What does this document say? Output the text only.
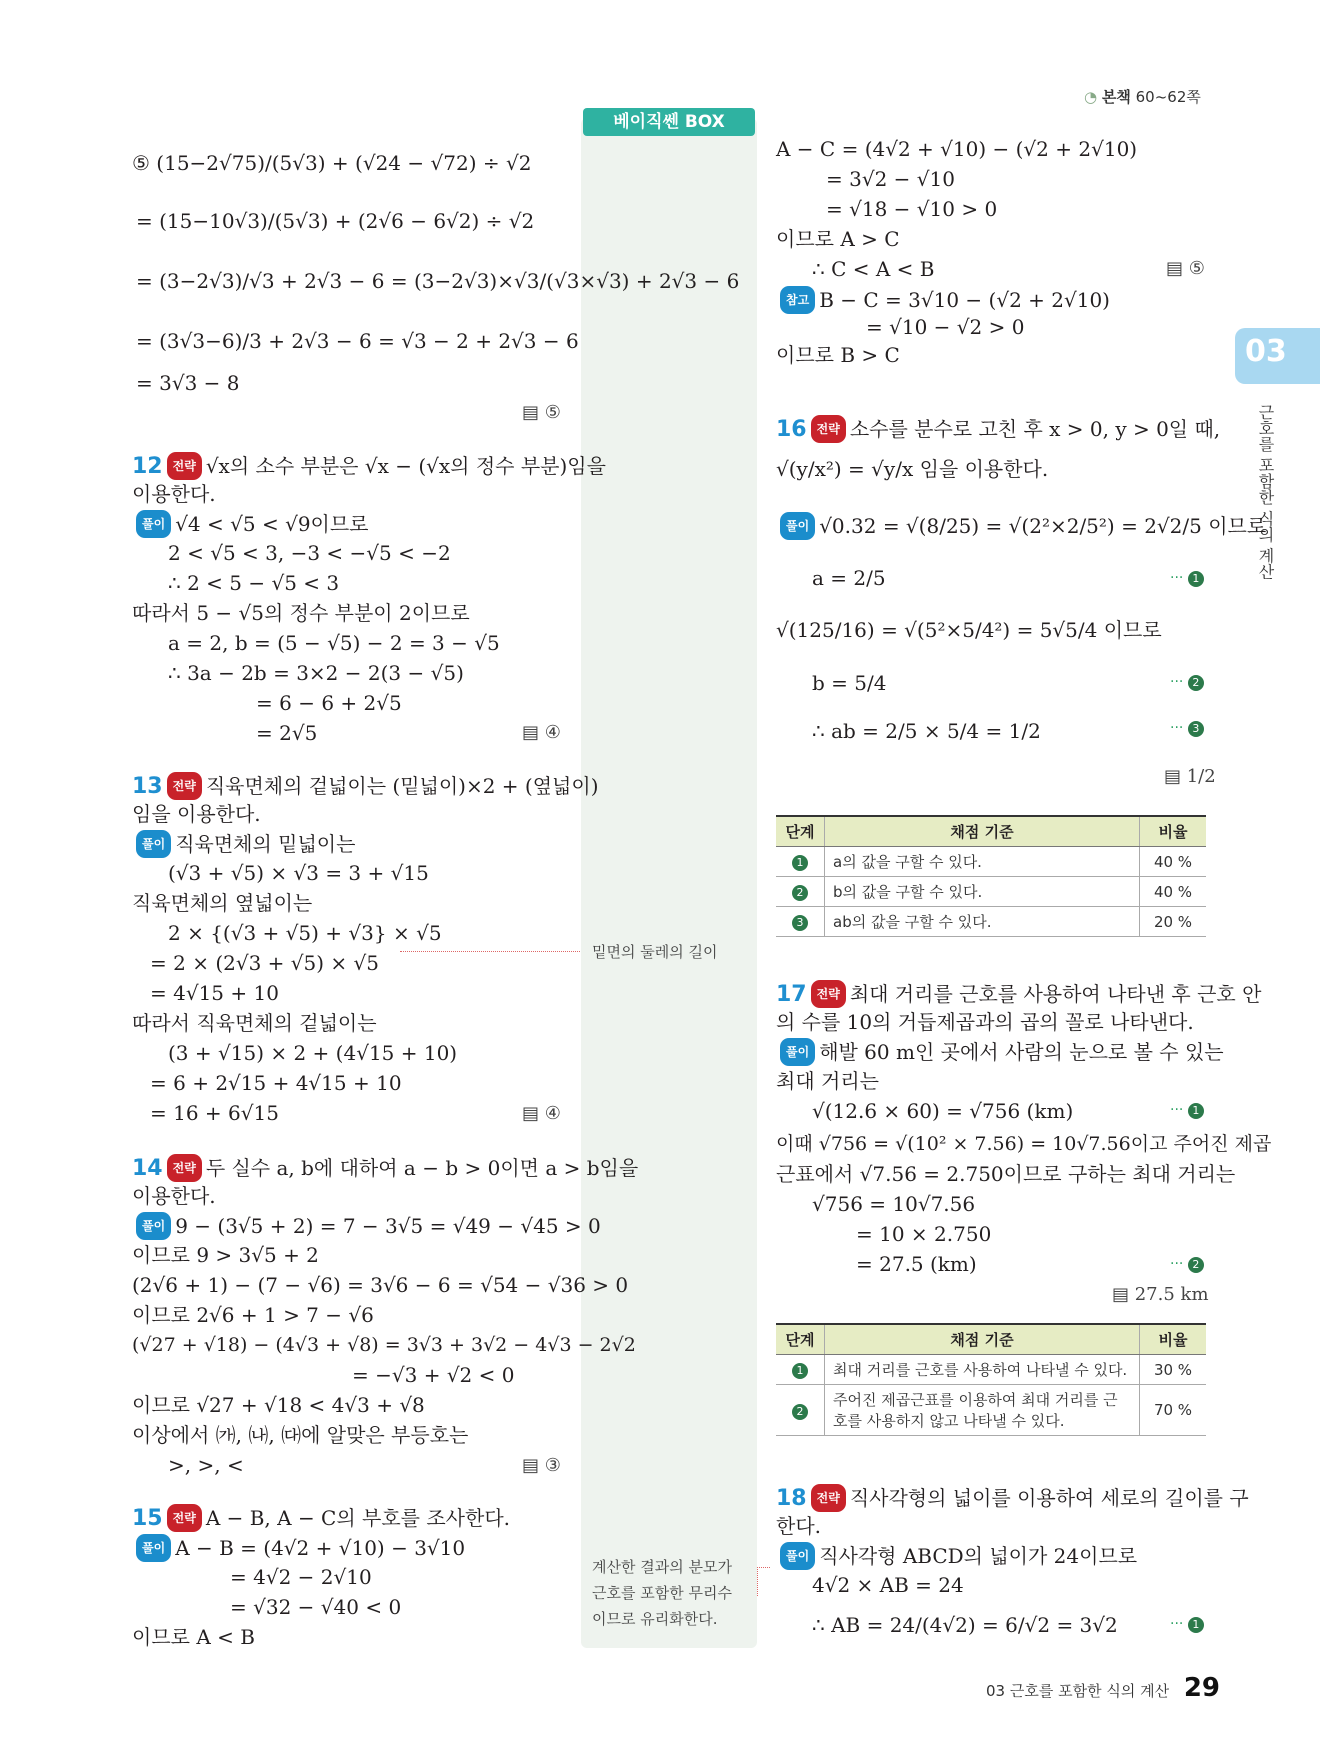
◔ 본책 60~62쪽
03
근호를 포함한 식의 계산
베이직쎈 BOX
밑면의 둘레의 길이
계산한 결과의 분모가
근호를 포함한 무리수
이므로 유리화한다.
⑤ (15−2√75)/(5√3) + (√24 − √72) ÷ √2
= (15−10√3)/(5√3) + (2√6 − 6√2) ÷ √2
= (3−2√3)/√3 + 2√3 − 6 = (3−2√3)×√3/(√3×√3) + 2√3 − 6
= (3√3−6)/3 + 2√3 − 6 = √3 − 2 + 2√3 − 6
= 3√3 − 8
▤ ⑤
12 전략 √x의 소수 부분은 √x − (√x의 정수 부분)임을
이용한다.
풀이 √4 < √5 < √9이므로
2 < √5 < 3, −3 < −√5 < −2
∴ 2 < 5 − √5 < 3
따라서 5 − √5의 정수 부분이 2이므로
a = 2, b = (5 − √5) − 2 = 3 − √5
∴ 3a − 2b = 3×2 − 2(3 − √5)
= 6 − 6 + 2√5
= 2√5	▤ ④
13 전략 직육면체의 겉넓이는 (밑넓이)×2 + (옆넓이)
임을 이용한다.
풀이 직육면체의 밑넓이는
(√3 + √5) × √3 = 3 + √15
직육면체의 옆넓이는
2 × {(√3 + √5) + √3} × √5
= 2 × (2√3 + √5) × √5
= 4√15 + 10
따라서 직육면체의 겉넓이는
(3 + √15) × 2 + (4√15 + 10)
= 6 + 2√15 + 4√15 + 10
= 16 + 6√15	▤ ④
14 전략 두 실수 a, b에 대하여 a − b > 0이면 a > b임을
이용한다.
풀이 9 − (3√5 + 2) = 7 − 3√5 = √49 − √45 > 0
이므로 9 > 3√5 + 2
(2√6 + 1) − (7 − √6) = 3√6 − 6 = √54 − √36 > 0
이므로 2√6 + 1 > 7 − √6
(√27 + √18) − (4√3 + √8) = 3√3 + 3√2 − 4√3 − 2√2
= −√3 + √2 < 0
이므로 √27 + √18 < 4√3 + √8
이상에서 ㈎, ㈏, ㈐에 알맞은 부등호는
>, >, <	▤ ③
15 전략 A − B, A − C의 부호를 조사한다.
풀이 A − B = (4√2 + √10) − 3√10
= 4√2 − 2√10
= √32 − √40 < 0
이므로 A < B
A − C = (4√2 + √10) − (√2 + 2√10)
= 3√2 − √10
= √18 − √10 > 0
이므로 A > C
∴ C < A < B	▤ ⑤
참고 B − C = 3√10 − (√2 + 2√10)
= √10 − √2 > 0
이므로 B > C
16 전략 소수를 분수로 고친 후 x > 0, y > 0일 때,
√(y/x²) = √y/x 임을 이용한다.
풀이 √0.32 = √(8/25) = √(2²×2/5²) = 2√2/5 이므로
a = 2/5	··· 1
√(125/16) = √(5²×5/4²) = 5√5/4 이므로
b = 5/4	··· 2
∴ ab = 2/5 × 5/4 = 1/2	··· 3
▤ 1/2
단계	채점 기준	비율
1	a의 값을 구할 수 있다.	40 %
2	b의 값을 구할 수 있다.	40 %
3	ab의 값을 구할 수 있다.	20 %
17 전략 최대 거리를 근호를 사용하여 나타낸 후 근호 안
의 수를 10의 거듭제곱과의 곱의 꼴로 나타낸다.
풀이 해발 60 m인 곳에서 사람의 눈으로 볼 수 있는
최대 거리는
√(12.6 × 60) = √756 (km)	··· 1
이때 √756 = √(10² × 7.56) = 10√7.56이고 주어진 제곱
근표에서 √7.56 = 2.750이므로 구하는 최대 거리는
√756 = 10√7.56
= 10 × 2.750
= 27.5 (km)	··· 2
▤ 27.5 km
단계	채점 기준	비율
1	최대 거리를 근호를 사용하여 나타낼 수 있다.	30 %
2	주어진 제곱근표를 이용하여 최대 거리를 근호를 사용하지 않고 나타낼 수 있다.	70 %
18 전략 직사각형의 넓이를 이용하여 세로의 길이를 구
한다.
풀이 직사각형 ABCD의 넓이가 24이므로
4√2 × AB = 24
∴ AB = 24/(4√2) = 6/√2 = 3√2	··· 1
03 근호를 포함한 식의 계산 29
